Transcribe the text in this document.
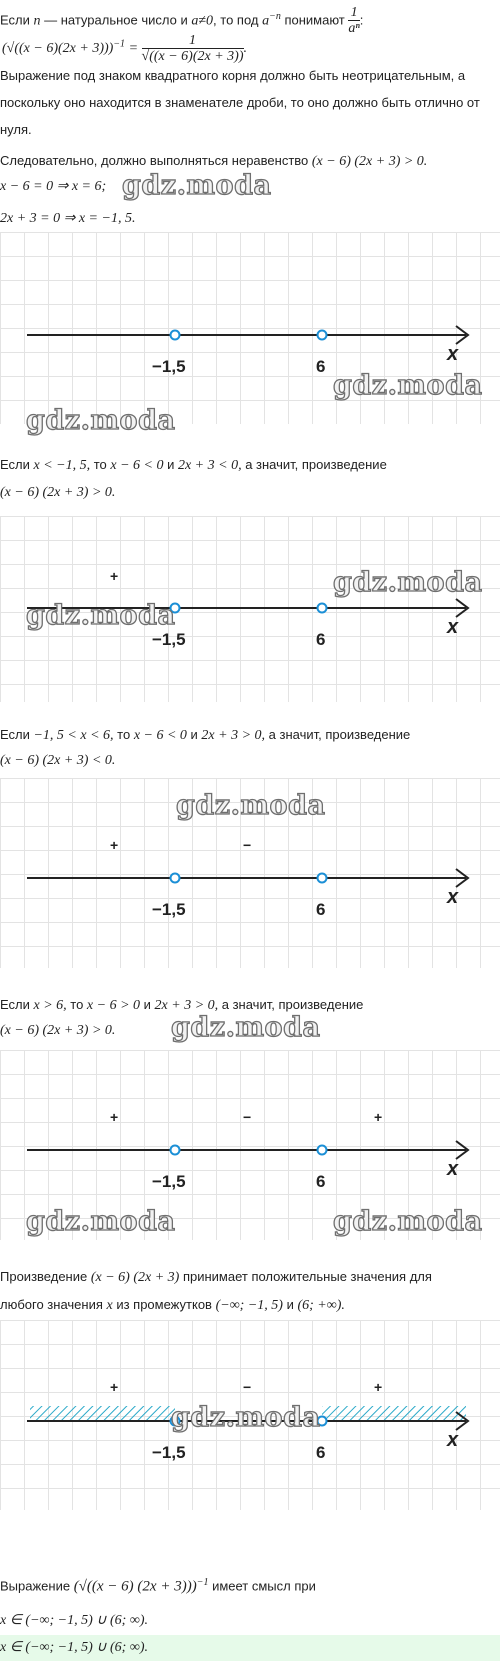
Если n — натуральное число и a≠0, то под $a^{-n}$ понимают $\frac{1}{\text{aⁿ}}$ :
$(√((x - 6)(2x + 3)))^{-1} = \frac{1}{√((x - 6)(2x + 3))}$ .
Выражение под знаком квадратного корня должно быть неотрицательным, а поскольку оно находится в знаменателе дроби, то оно должно быть отлично от нуля.
Следовательно, должно выполняться неравенство (x − 6) (2x + 3) > 0.
x − 6 = 0 ⇒ x = 6;
2x + 3 = 0 ⇒ x = −1, 5.
−1,5	6
x
Если x < −1, 5, то x − 6 < 0 и 2x + 3 < 0, а значит, произведение
(x − 6) (2x + 3) > 0.
+
−1,5	6
x
Если −1, 5 < x < 6, то x − 6 < 0 и 2x + 3 > 0, а значит, произведение
(x − 6) (2x + 3) < 0.
+	−
−1,5	6
x
Если x > 6, то x − 6 > 0 и 2x + 3 > 0, а значит, произведение
(x − 6) (2x + 3) > 0.
+	−	+
−1,5	6
x
Произведение (x − 6) (2x + 3) принимает положительные значения для
любого значения x из промежутков (−∞; −1, 5) и (6; +∞).
+	−	+
−1,5	6
x
Выражение (√((x − 6) (2x + 3)))$^{-1}$ имеет смысл при
x ∈ (−∞; −1, 5) ∪ (6; ∞).
x ∈ (−∞; −1, 5) ∪ (6; ∞).
gdz.moda
gdz.moda
gdz.moda
gdz.moda
gdz.moda
gdz.moda
gdz.moda
gdz.moda	gdz.moda
gdz.moda
